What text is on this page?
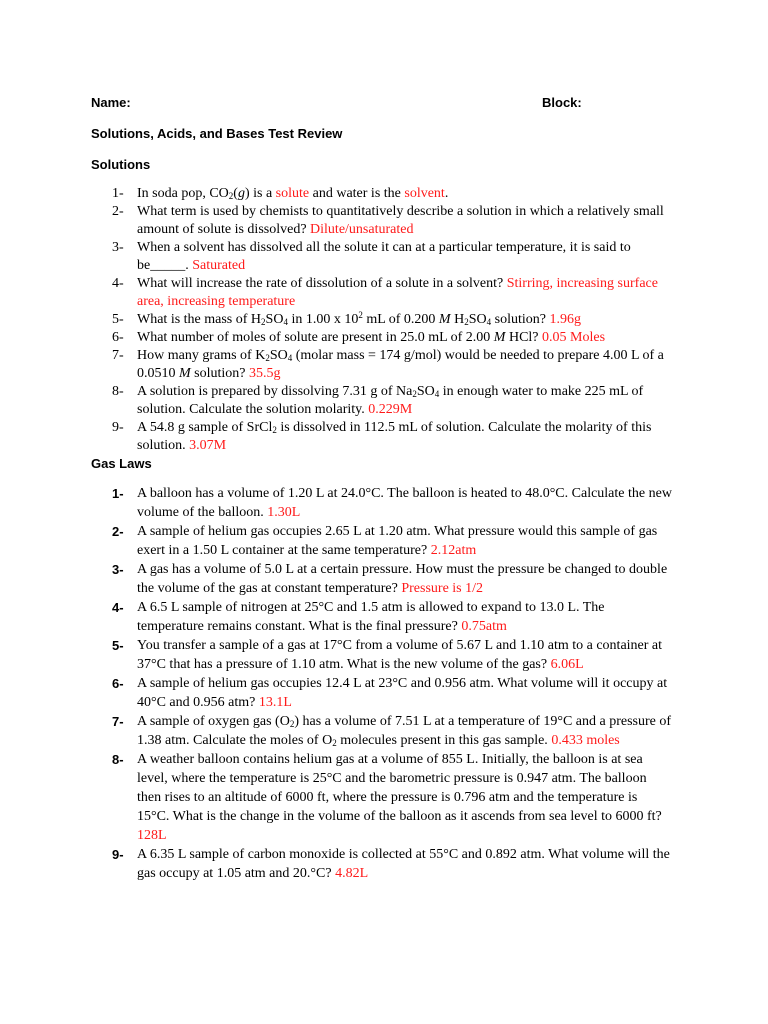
Name:	Block:
Solutions, Acids, and Bases Test Review
Solutions
1- In soda pop, $CO_2(g)$ is a solute and water is the solvent.
2- What term is used by chemists to quantitatively describe a solution in which a relatively small amount of solute is dissolved? Dilute/unsaturated
3- When a solvent has dissolved all the solute it can at a particular temperature, it is said to be_____. Saturated
4- What will increase the rate of dissolution of a solute in a solvent? Stirring, increasing surface area, increasing temperature
5- What is the mass of $H_2SO_4$ in 1.00 x $10^2$ mL of 0.200 M $H_2SO_4$ solution? 1.96g
6- What number of moles of solute are present in 25.0 mL of 2.00 M HCl? 0.05 Moles
7- How many grams of $K_2SO_4$ (molar mass = 174 g/mol) would be needed to prepare 4.00 L of a 0.0510 M solution? 35.5g
8- A solution is prepared by dissolving 7.31 g of $Na_2SO_4$ in enough water to make 225 mL of solution. Calculate the solution molarity. 0.229M
9- A 54.8 g sample of SrCl$_2$ is dissolved in 112.5 mL of solution. Calculate the molarity of this solution. 3.07M
Gas Laws
1- A balloon has a volume of 1.20 L at 24.0°C. The balloon is heated to 48.0°C. Calculate the new volume of the balloon. 1.30L
2- A sample of helium gas occupies 2.65 L at 1.20 atm. What pressure would this sample of gas exert in a 1.50 L container at the same temperature? 2.12atm
3- A gas has a volume of 5.0 L at a certain pressure. How must the pressure be changed to double the volume of the gas at constant temperature? Pressure is 1/2
4- A 6.5 L sample of nitrogen at 25°C and 1.5 atm is allowed to expand to 13.0 L. The temperature remains constant. What is the final pressure? 0.75atm
5- You transfer a sample of a gas at 17°C from a volume of 5.67 L and 1.10 atm to a container at 37°C that has a pressure of 1.10 atm. What is the new volume of the gas? 6.06L
6- A sample of helium gas occupies 12.4 L at 23°C and 0.956 atm. What volume will it occupy at 40°C and 0.956 atm? 13.1L
7- A sample of oxygen gas $(O_2)$ has a volume of 7.51 L at a temperature of 19°C and a pressure of 1.38 atm. Calculate the moles of $O_2$ molecules present in this gas sample. 0.433 moles
8- A weather balloon contains helium gas at a volume of 855 L. Initially, the balloon is at sea level, where the temperature is 25°C and the barometric pressure is 0.947 atm. The balloon then rises to an altitude of 6000 ft, where the pressure is 0.796 atm and the temperature is 15°C. What is the change in the volume of the balloon as it ascends from sea level to 6000 ft? 128L
9- A 6.35 L sample of carbon monoxide is collected at 55°C and 0.892 atm. What volume will the gas occupy at 1.05 atm and 20.°C? 4.82L
